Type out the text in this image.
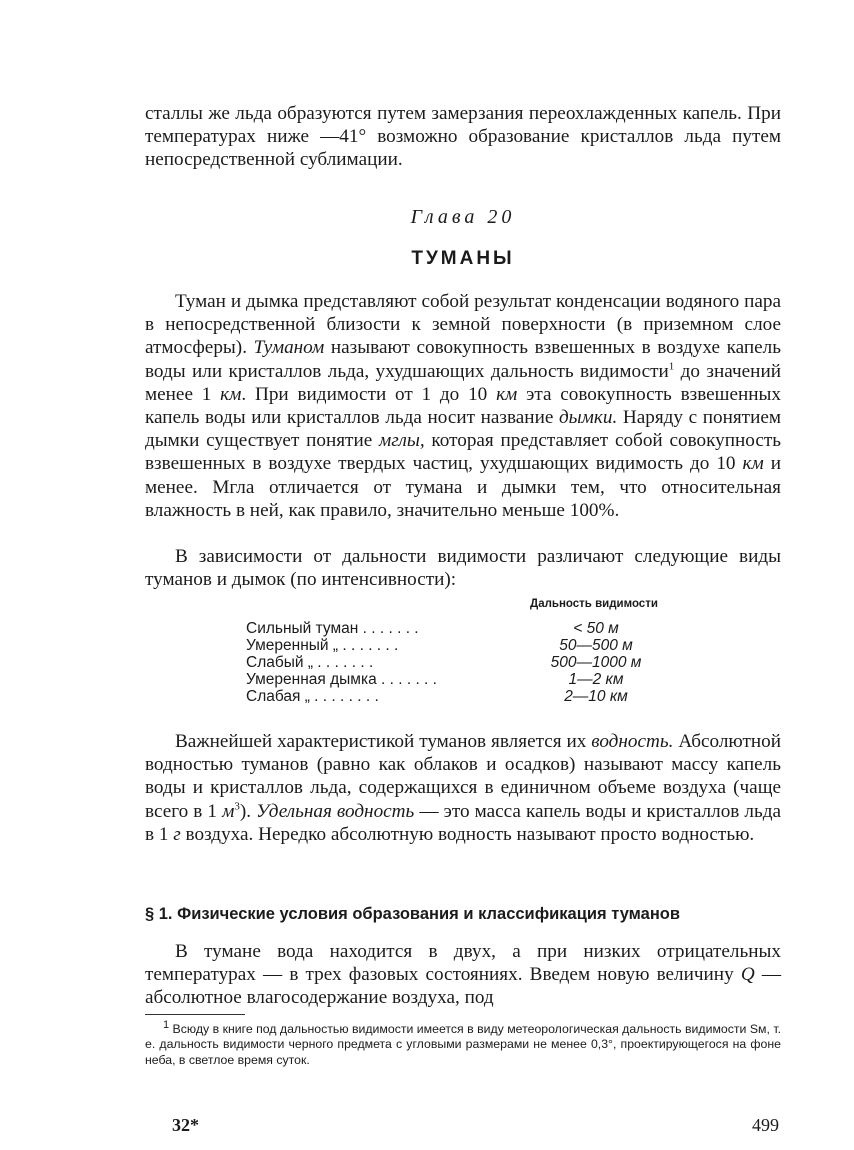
сталлы же льда образуются путем замерзания переохлажденных капель. При температурах ниже —41° возможно образование кристаллов льда путем непосредственной сублимации.

Глава 20
ТУМАНЫ

Туман и дымка представляют собой результат конденсации водяного пара в непосредственной близости к земной поверхности (в приземном слое атмосферы). Туманом называют совокупность взвешенных в воздухе капель воды или кристаллов льда, ухудшающих дальность видимости$^1$ до значений менее 1 км. При видимости от 1 до 10 км эта совокупность взвешенных капель воды или кристаллов льда носит название дымки. Наряду с понятием дымки существует понятие мглы, которая представляет собой совокупность взвешенных в воздухе твердых частиц, ухудшающих видимость до 10 км и менее. Мгла отличается от тумана и дымки тем, что относительная влажность в ней, как правило, значительно меньше 100%.

В зависимости от дальности видимости различают следующие виды туманов и дымок (по интенсивности):

Дальность видимости
Сильный туман . . . . . . .	< 50 м
Умеренный „ . . . . . . .	50—500 м
Слабый „ . . . . . . .	500—1000 м
Умеренная дымка . . . . . . .	1—2 км
Слабая „ . . . . . . . .	2—10 км

Важнейшей характеристикой туманов является их водность. Абсолютной водностью туманов (равно как облаков и осадков) называют массу капель воды и кристаллов льда, содержащихся в единичном объеме воздуха (чаще всего в 1 $м^3$). Удельная водность — это масса капель воды и кристаллов льда в 1 г воздуха. Нередко абсолютную водность называют просто водностью.

§ 1. Физические условия образования и классификация туманов

В тумане вода находится в двух, а при низких отрицательных температурах — в трех фазовых состояниях. Введем новую величину Q — абсолютное влагосодержание воздуха, под

$^1$ Всюду в книге под дальностью видимости имеется в виду метеорологическая дальность видимости Sм, т. е. дальность видимости черного предмета с угловыми размерами не менее 0,3°, проектирующегося на фоне неба, в светлое время суток.
32*	499
